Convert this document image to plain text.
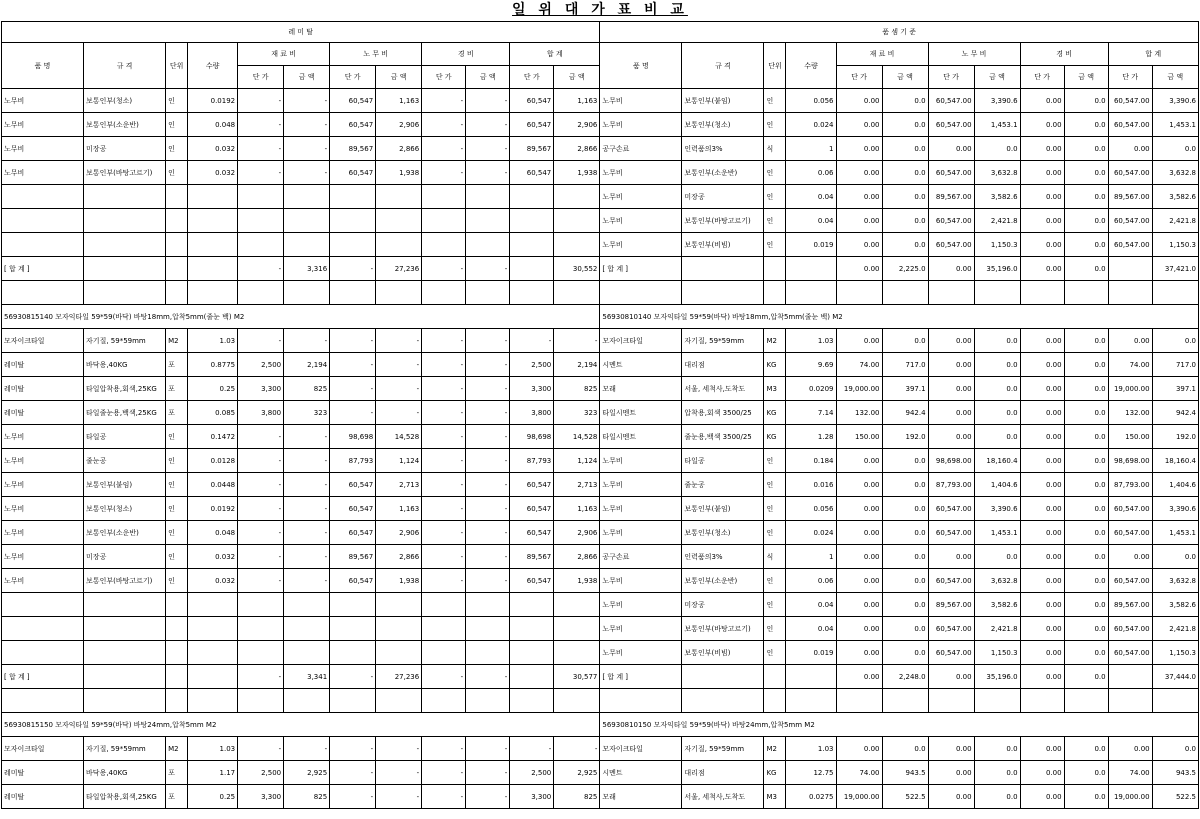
일 위 대 가 표 비 교
레 미 탈												품 셈 기 준											
품 명	규 격	단위	수량	재 료 비		노 무 비		경 비		합 계		품 명	규 격	단위	수량	재 료 비		노 무 비		경 비		합 계	
				단 가	금 액	단 가	금 액	단 가	금 액	단 가	금 액					단 가	금 액	단 가	금 액	단 가	금 액	단 가	금 액
노무비	보통인부(청소)	인	0.0192	-	-	60,547	1,163	-	-	60,547	1,163	노무비	보통인부(붙임)	인	0.056	0.00	0.0	60,547.00	3,390.6	0.00	0.0	60,547.00	3,390.6
노무비	보통인부(소운반)	인	0.048	-	-	60,547	2,906	-	-	60,547	2,906	노무비	보통인부(청소)	인	0.024	0.00	0.0	60,547.00	1,453.1	0.00	0.0	60,547.00	1,453.1
노무비	미장공	인	0.032	-	-	89,567	2,866	-	-	89,567	2,866	공구손료	인력품의3%	식	1	0.00	0.0	0.00	0.0	0.00	0.0	0.00	0.0
노무비	보통인부(바탕고르기)	인	0.032	-	-	60,547	1,938	-	-	60,547	1,938	노무비	보통인부(소운반)	인	0.06	0.00	0.0	60,547.00	3,632.8	0.00	0.0	60,547.00	3,632.8
												노무비	미장공	인	0.04	0.00	0.0	89,567.00	3,582.6	0.00	0.0	89,567.00	3,582.6
												노무비	보통인부(바탕고르기)	인	0.04	0.00	0.0	60,547.00	2,421.8	0.00	0.0	60,547.00	2,421.8
												노무비	보통인부(비빔)	인	0.019	0.00	0.0	60,547.00	1,150.3	0.00	0.0	60,547.00	1,150.3
[ 합 계 ]				-	3,316	-	27,236	-	-		30,552	[ 합 계 ]				0.00	2,225.0	0.00	35,196.0	0.00	0.0		37,421.0

56930815140 모자익타일 59*59(바닥) 바탕18mm,압착5mm(줄눈 백) M2												56930810140 모자익타일 59*59(바닥) 바탕18mm,압착5mm(줄눈 백) M2											
모자이크타일	자기질, 59*59mm	M2	1.03	-	-	-	-	-	-	-	-	모자이크타일	자기질, 59*59mm	M2	1.03	0.00	0.0	0.00	0.0	0.00	0.0	0.00	0.0
레미탈	바닥용,40KG	포	0.8775	2,500	2,194	-	-	-	-	2,500	2,194	시멘트	대리점	KG	9.69	74.00	717.0	0.00	0.0	0.00	0.0	74.00	717.0
레미탈	타일압착용,회색,25KG	포	0.25	3,300	825	-	-	-	-	3,300	825	모래	서울, 세척사,도착도	M3	0.0209	19,000.00	397.1	0.00	0.0	0.00	0.0	19,000.00	397.1
레미탈	타일줄눈용,백색,25KG	포	0.085	3,800	323	-	-	-	-	3,800	323	타일시멘트	압착용,회색 3500/25	KG	7.14	132.00	942.4	0.00	0.0	0.00	0.0	132.00	942.4
노무비	타일공	인	0.1472	-	-	98,698	14,528	-	-	98,698	14,528	타일시멘트	줄눈용,백색 3500/25	KG	1.28	150.00	192.0	0.00	0.0	0.00	0.0	150.00	192.0
노무비	줄눈공	인	0.0128	-	-	87,793	1,124	-	-	87,793	1,124	노무비	타일공	인	0.184	0.00	0.0	98,698.00	18,160.4	0.00	0.0	98,698.00	18,160.4
노무비	보통인부(붙임)	인	0.0448	-	-	60,547	2,713	-	-	60,547	2,713	노무비	줄눈공	인	0.016	0.00	0.0	87,793.00	1,404.6	0.00	0.0	87,793.00	1,404.6
노무비	보통인부(청소)	인	0.0192	-	-	60,547	1,163	-	-	60,547	1,163	노무비	보통인부(붙임)	인	0.056	0.00	0.0	60,547.00	3,390.6	0.00	0.0	60,547.00	3,390.6
노무비	보통인부(소운반)	인	0.048	-	-	60,547	2,906	-	-	60,547	2,906	노무비	보통인부(청소)	인	0.024	0.00	0.0	60,547.00	1,453.1	0.00	0.0	60,547.00	1,453.1
노무비	미장공	인	0.032	-	-	89,567	2,866	-	-	89,567	2,866	공구손료	인력품의3%	식	1	0.00	0.0	0.00	0.0	0.00	0.0	0.00	0.0
노무비	보통인부(바탕고르기)	인	0.032	-	-	60,547	1,938	-	-	60,547	1,938	노무비	보통인부(소운반)	인	0.06	0.00	0.0	60,547.00	3,632.8	0.00	0.0	60,547.00	3,632.8
												노무비	미장공	인	0.04	0.00	0.0	89,567.00	3,582.6	0.00	0.0	89,567.00	3,582.6
												노무비	보통인부(바탕고르기)	인	0.04	0.00	0.0	60,547.00	2,421.8	0.00	0.0	60,547.00	2,421.8
												노무비	보통인부(비빔)	인	0.019	0.00	0.0	60,547.00	1,150.3	0.00	0.0	60,547.00	1,150.3
[ 합 계 ]				-	3,341	-	27,236	-	-		30,577	[ 합 계 ]				0.00	2,248.0	0.00	35,196.0	0.00	0.0		37,444.0

56930815150 모자익타일 59*59(바닥) 바탕24mm,압착5mm M2												56930810150 모자익타일 59*59(바닥) 바탕24mm,압착5mm M2											
모자이크타일	자기질, 59*59mm	M2	1.03	-	-	-	-	-	-	-	-	모자이크타일	자기질, 59*59mm	M2	1.03	0.00	0.0	0.00	0.0	0.00	0.0	0.00	0.0
레미탈	바닥용,40KG	포	1.17	2,500	2,925	-	-	-	-	2,500	2,925	시멘트	대리점	KG	12.75	74.00	943.5	0.00	0.0	0.00	0.0	74.00	943.5
레미탈	타일압착용,회색,25KG	포	0.25	3,300	825	-	-	-	-	3,300	825	모래	서울, 세척사,도착도	M3	0.0275	19,000.00	522.5	0.00	0.0	0.00	0.0	19,000.00	522.5
